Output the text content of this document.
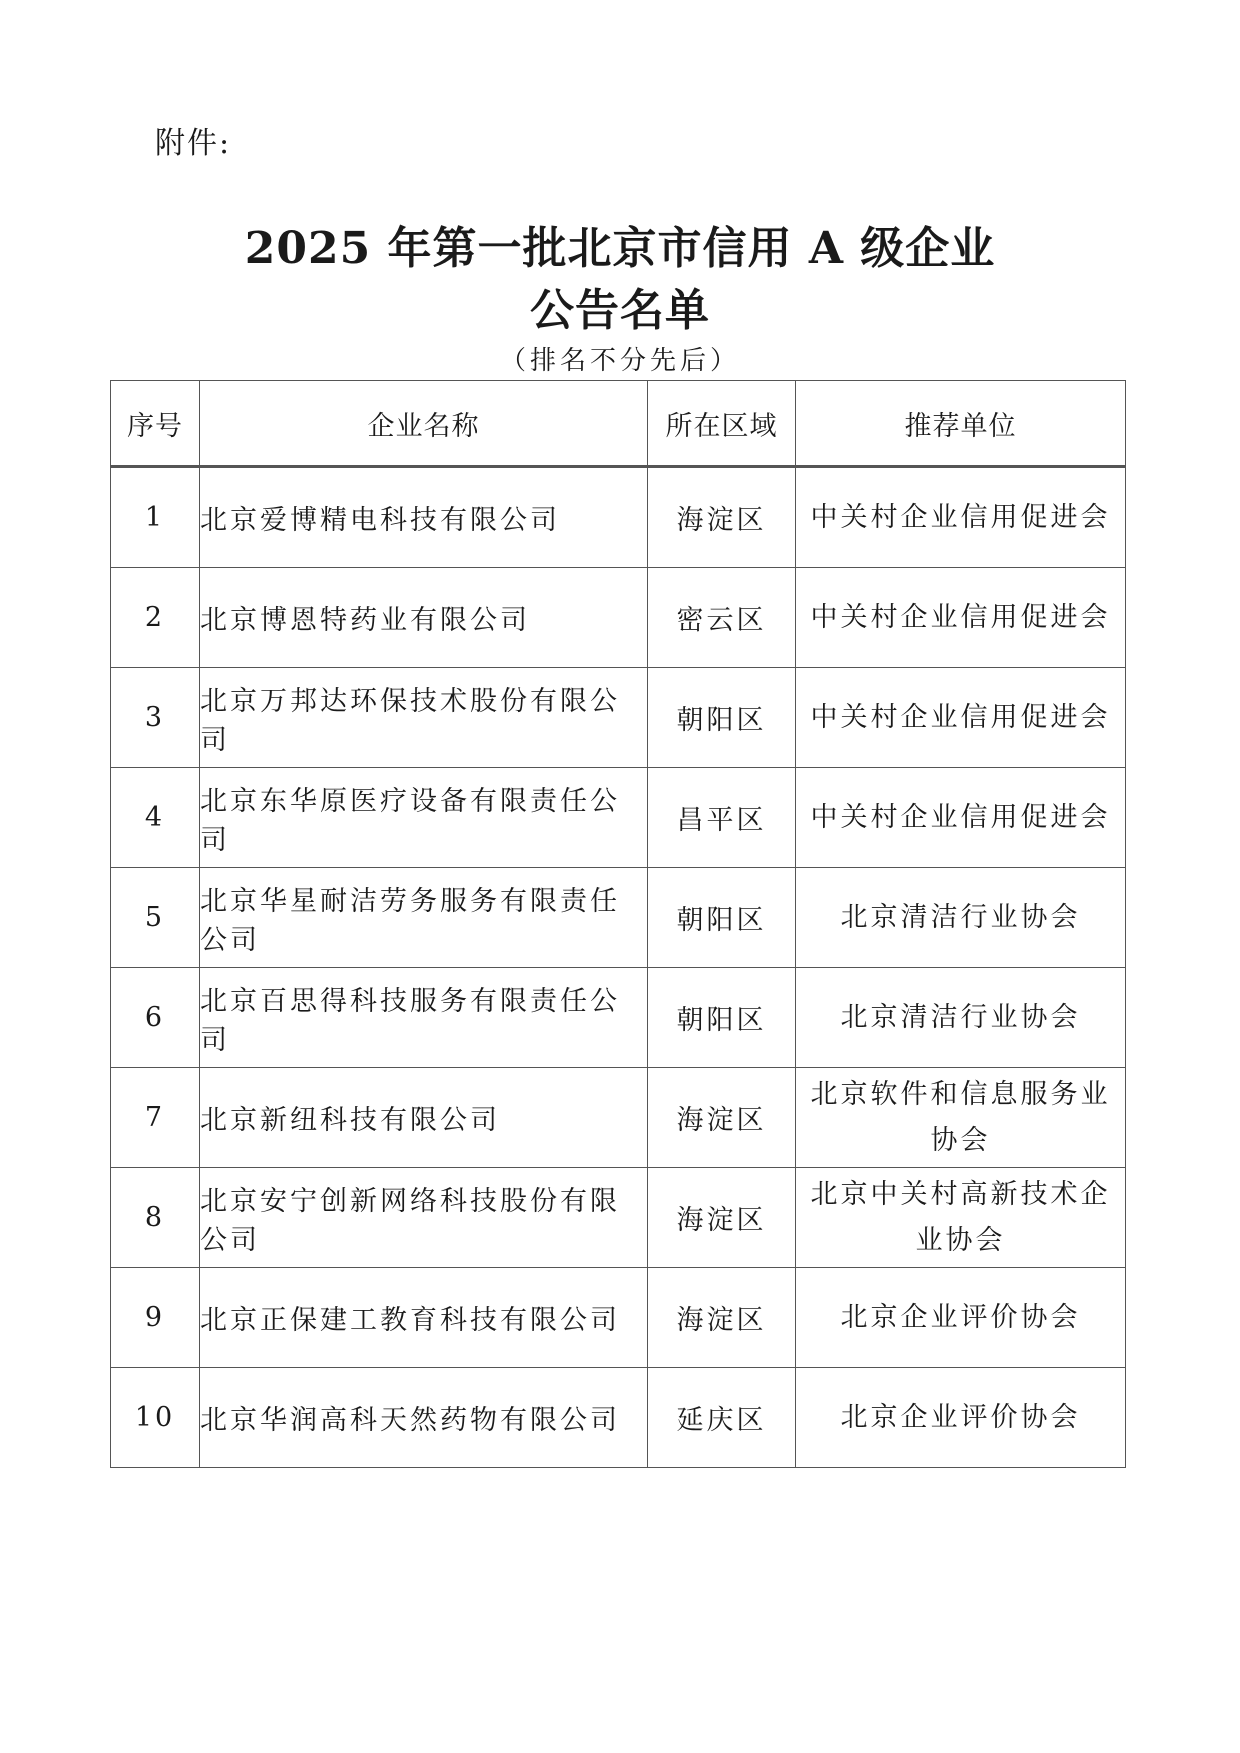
附件:
2025 年第一批北京市信用 A 级企业
公告名单
（排名不分先后）
序号	企业名称	所在区域	推荐单位
1	北京爱博精电科技有限公司	海淀区	中关村企业信用促进会
2	北京博恩特药业有限公司	密云区	中关村企业信用促进会
3	北京万邦达环保技术股份有限公司	朝阳区	中关村企业信用促进会
4	北京东华原医疗设备有限责任公司	昌平区	中关村企业信用促进会
5	北京华星耐洁劳务服务有限责任公司	朝阳区	北京清洁行业协会
6	北京百思得科技服务有限责任公司	朝阳区	北京清洁行业协会
7	北京新纽科技有限公司	海淀区	北京软件和信息服务业协会
8	北京安宁创新网络科技股份有限公司	海淀区	北京中关村高新技术企业协会
9	北京正保建工教育科技有限公司	海淀区	北京企业评价协会
10	北京华润高科天然药物有限公司	延庆区	北京企业评价协会
